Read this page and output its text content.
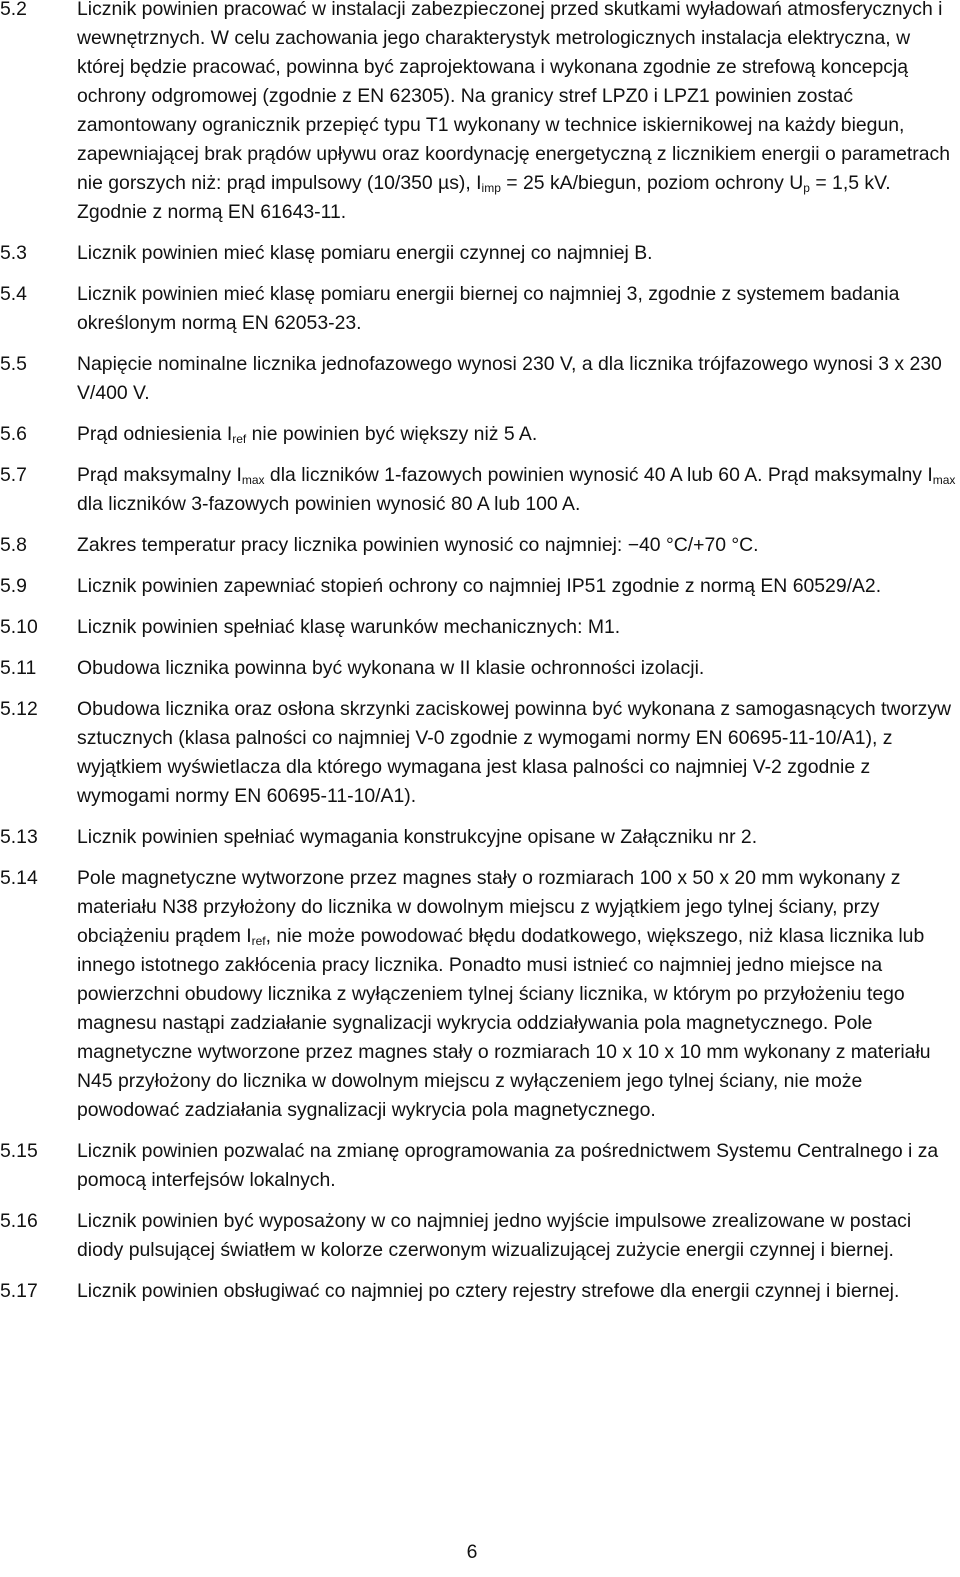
5.2	Licznik powinien pracować w instalacji zabezpieczonej przed skutkami wyładowań atmosferycznych i wewnętrznych. W celu zachowania jego charakterystyk metrologicznych instalacja elektryczna, w której będzie pracować, powinna być zaprojektowana i wykonana zgodnie ze strefową koncepcją ochrony odgromowej (zgodnie z EN 62305). Na granicy stref LPZ0 i LPZ1 powinien zostać zamontowany ogranicznik przepięć typu T1 wykonany w technice iskiernikowej na każdy biegun, zapewniającej brak prądów upływu oraz koordynację energetyczną z licznikiem energii o parametrach nie gorszych niż: prąd impulsowy (10/350 µs), $I_{imp} = 25$ kA/biegun, poziom ochrony $U_p = 1,5$ kV. Zgodnie z normą EN 61643-11.
5.3	Licznik powinien mieć klasę pomiaru energii czynnej co najmniej B.
5.4	Licznik powinien mieć klasę pomiaru energii biernej co najmniej 3, zgodnie z systemem badania określonym normą EN 62053-23.
5.5	Napięcie nominalne licznika jednofazowego wynosi 230 V, a dla licznika trójfazowego wynosi 3 x 230 V/400 V.
5.6	Prąd odniesienia $I_{ref}$ nie powinien być większy niż 5 A.
5.7	Prąd maksymalny $I_{max}$ dla liczników 1-fazowych powinien wynosić 40 A lub 60 A. Prąd maksymalny $I_{max}$ dla liczników 3-fazowych powinien wynosić 80 A lub 100 A.
5.8	Zakres temperatur pracy licznika powinien wynosić co najmniej: −40 °C/+70 °C.
5.9	Licznik powinien zapewniać stopień ochrony co najmniej IP51 zgodnie z normą EN 60529/A2.
5.10	Licznik powinien spełniać klasę warunków mechanicznych: M1.
5.11	Obudowa licznika powinna być wykonana w II klasie ochronności izolacji.
5.12	Obudowa licznika oraz osłona skrzynki zaciskowej powinna być wykonana z samogasnących tworzyw sztucznych (klasa palności co najmniej V-0 zgodnie z wymogami normy EN 60695-11-10/A1), z wyjątkiem wyświetlacza dla którego wymagana jest klasa palności co najmniej V-2 zgodnie z wymogami normy EN 60695-11-10/A1).
5.13	Licznik powinien spełniać wymagania konstrukcyjne opisane w Załączniku nr 2.
5.14	Pole magnetyczne wytworzone przez magnes stały o rozmiarach 100 x 50 x 20 mm wykonany z materiału N38 przyłożony do licznika w dowolnym miejscu z wyjątkiem jego tylnej ściany, przy obciążeniu prądem $I_{ref}$, nie może powodować błędu dodatkowego, większego, niż klasa licznika lub innego istotnego zakłócenia pracy licznika. Ponadto musi istnieć co najmniej jedno miejsce na powierzchni obudowy licznika z wyłączeniem tylnej ściany licznika, w którym po przyłożeniu tego magnesu nastąpi zadziałanie sygnalizacji wykrycia oddziaływania pola magnetycznego. Pole magnetyczne wytworzone przez magnes stały o rozmiarach 10 x 10 x 10 mm wykonany z materiału N45 przyłożony do licznika w dowolnym miejscu z wyłączeniem jego tylnej ściany, nie może powodować zadziałania sygnalizacji wykrycia pola magnetycznego.
5.15	Licznik powinien pozwalać na zmianę oprogramowania za pośrednictwem Systemu Centralnego i za pomocą interfejsów lokalnych.
5.16	Licznik powinien być wyposażony w co najmniej jedno wyjście impulsowe zrealizowane w postaci diody pulsującej światłem w kolorze czerwonym wizualizującej zużycie energii czynnej i biernej.
5.17	Licznik powinien obsługiwać co najmniej po cztery rejestry strefowe dla energii czynnej i biernej.
6
